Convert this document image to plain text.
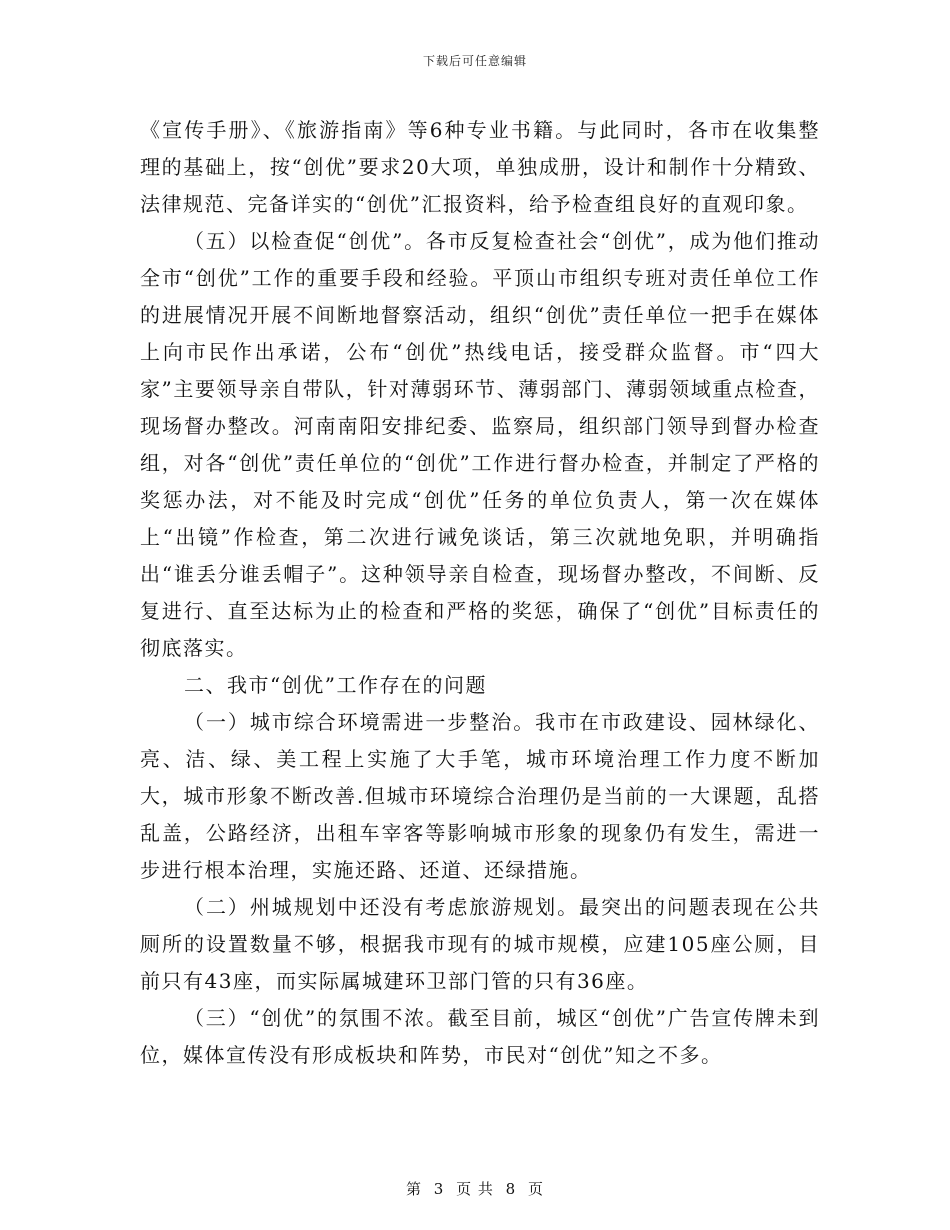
下载后可任意编辑

《宣传手册》、《旅游指南》等6种专业书籍。与此同时，各市在收集整理的基础上，按“创优”要求20大项，单独成册，设计和制作十分精致、法律规范、完备详实的“创优”汇报资料，给予检查组良好的直观印象。

（五）以检查促“创优”。各市反复检查社会“创优”，成为他们推动全市“创优”工作的重要手段和经验。平顶山市组织专班对责任单位工作的进展情况开展不间断地督察活动，组织“创优”责任单位一把手在媒体上向市民作出承诺，公布“创优”热线电话，接受群众监督。市“四大家”主要领导亲自带队，针对薄弱环节、薄弱部门、薄弱领域重点检查，现场督办整改。河南南阳安排纪委、监察局，组织部门领导到督办检查组，对各“创优”责任单位的“创优”工作进行督办检查，并制定了严格的奖惩办法，对不能及时完成“创优”任务的单位负责人，第一次在媒体上“出镜”作检查，第二次进行诫免谈话，第三次就地免职，并明确指出“谁丢分谁丢帽子”。这种领导亲自检查，现场督办整改，不间断、反复进行、直至达标为止的检查和严格的奖惩，确保了“创优”目标责任的彻底落实。

二、我市“创优”工作存在的问题

（一）城市综合环境需进一步整治。我市在市政建设、园林绿化、亮、洁、绿、美工程上实施了大手笔，城市环境治理工作力度不断加大，城市形象不断改善.但城市环境综合治理仍是当前的一大课题，乱搭乱盖，公路经济，出租车宰客等影响城市形象的现象仍有发生，需进一步进行根本治理，实施还路、还道、还绿措施。

（二）州城规划中还没有考虑旅游规划。最突出的问题表现在公共厕所的设置数量不够，根据我市现有的城市规模，应建105座公厕，目前只有43座，而实际属城建环卫部门管的只有36座。

（三）“创优”的氛围不浓。截至目前，城区“创优”广告宣传牌未到位，媒体宣传没有形成板块和阵势，市民对“创优”知之不多。

第 3 页 共 8 页
